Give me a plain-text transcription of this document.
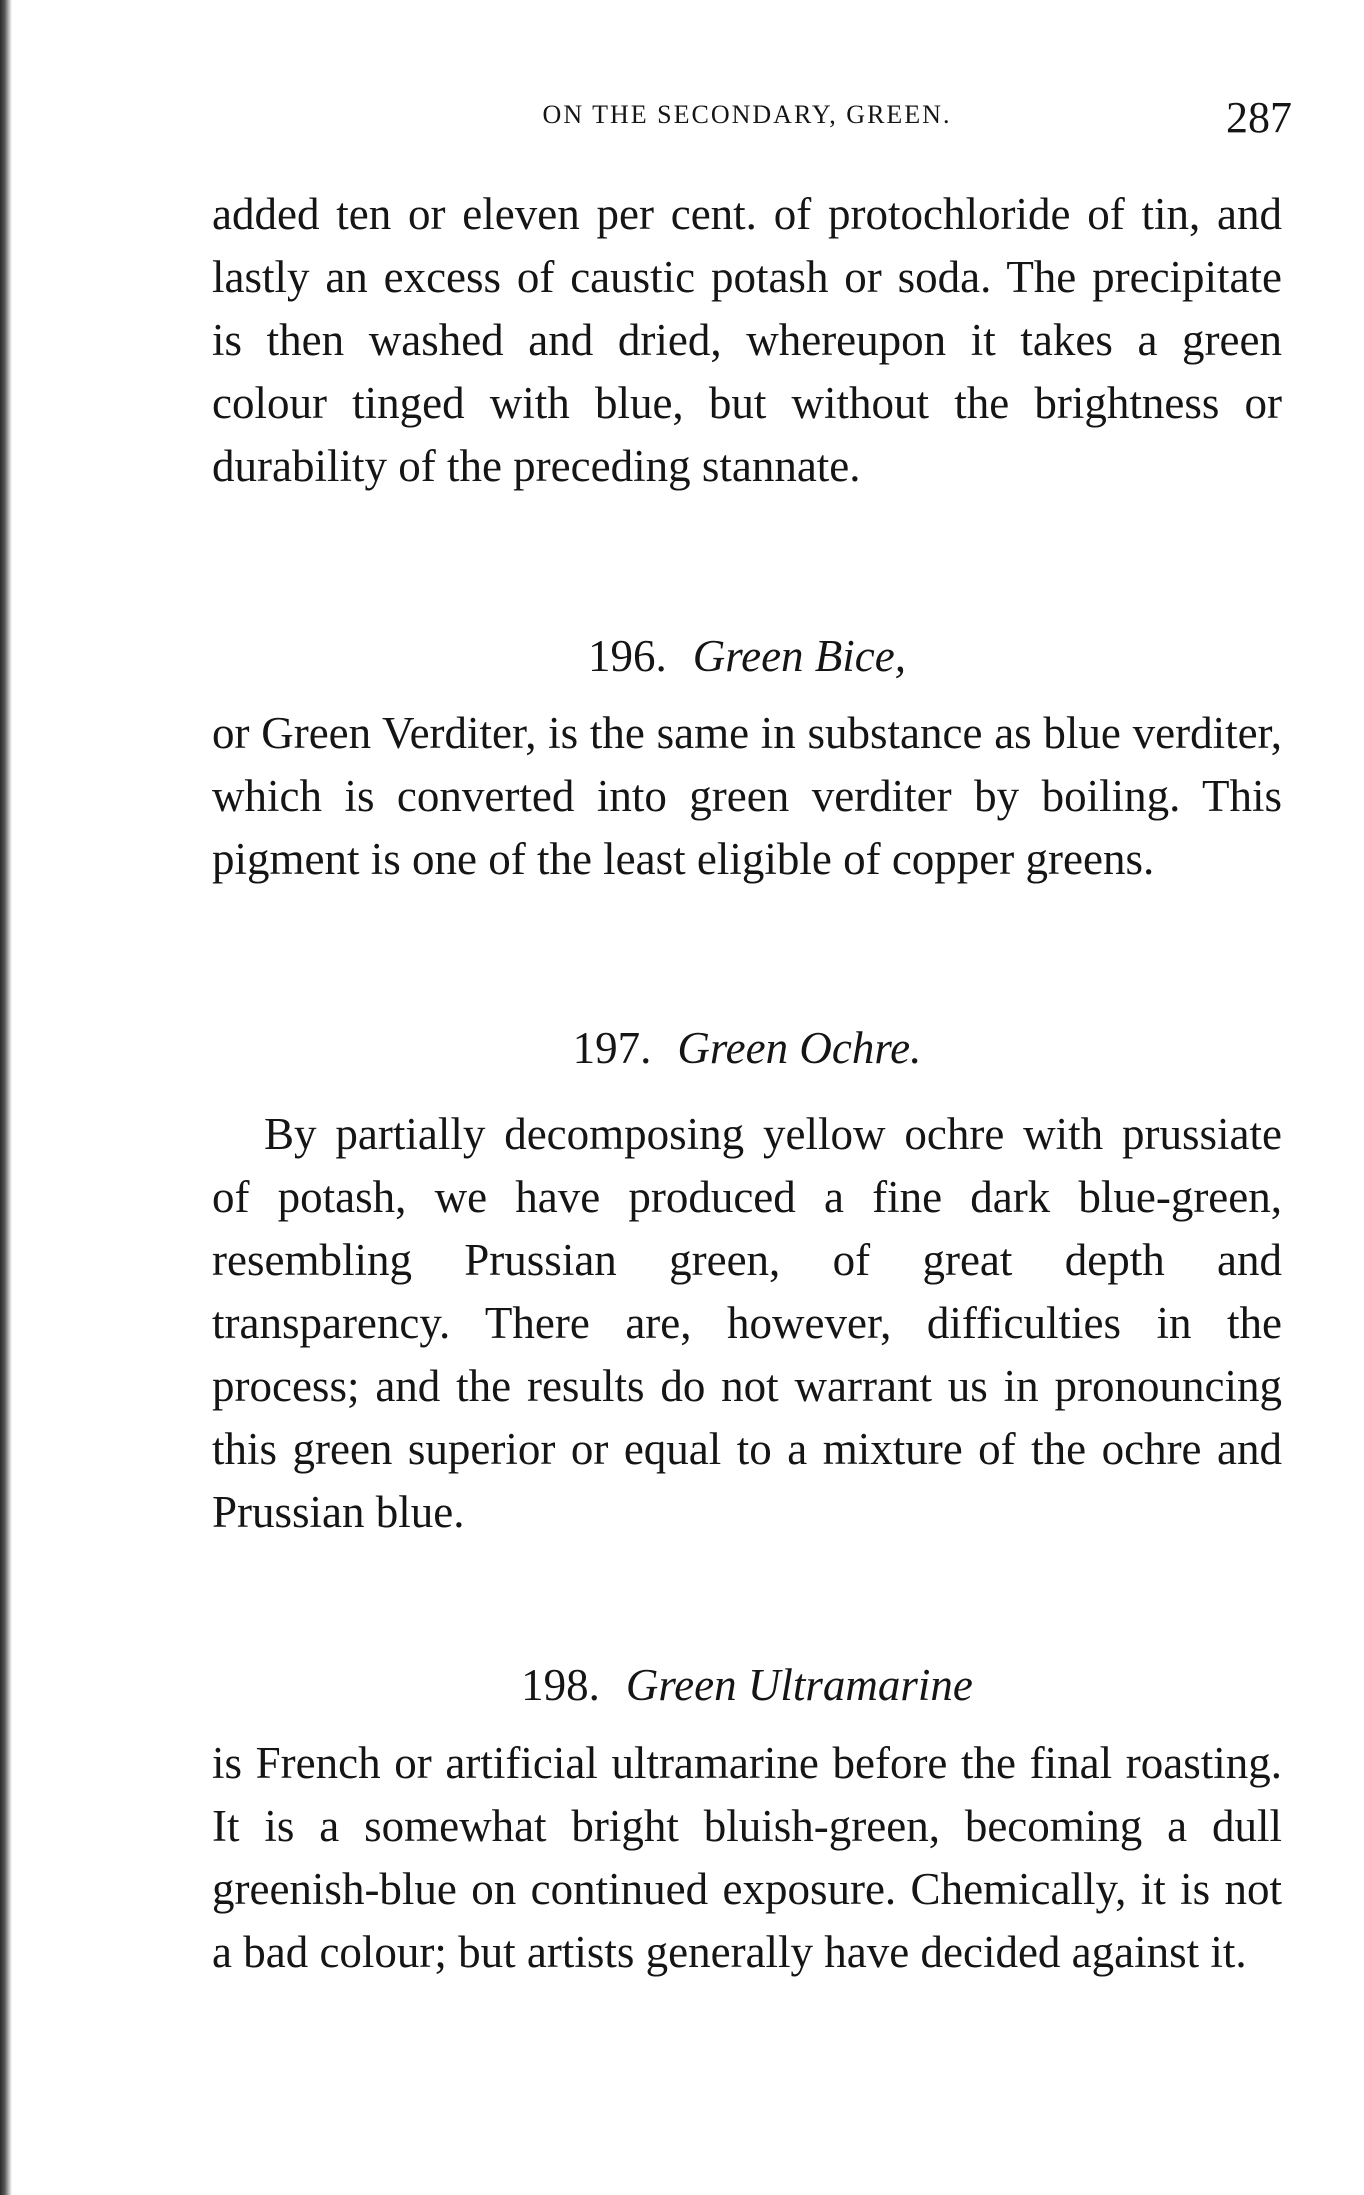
ON THE SECONDARY, GREEN.	287

added ten or eleven per cent. of protochloride of tin, and lastly an excess of caustic potash or soda. The precipitate is then washed and dried, whereupon it takes a green colour tinged with blue, but without the brightness or durability of the preceding stannate.

196. Green Bice,

or Green Verditer, is the same in substance as blue verditer, which is converted into green verditer by boiling. This pigment is one of the least eligible of copper greens.

197. Green Ochre.

By partially decomposing yellow ochre with prussiate of potash, we have produced a fine dark blue-green, resembling Prussian green, of great depth and transparency. There are, however, difficulties in the process; and the results do not warrant us in pronouncing this green superior or equal to a mixture of the ochre and Prussian blue.

198. Green Ultramarine

is French or artificial ultramarine before the final roasting. It is a somewhat bright bluish-green, becoming a dull greenish-blue on continued exposure. Chemically, it is not a bad colour; but artists generally have decided against it.
